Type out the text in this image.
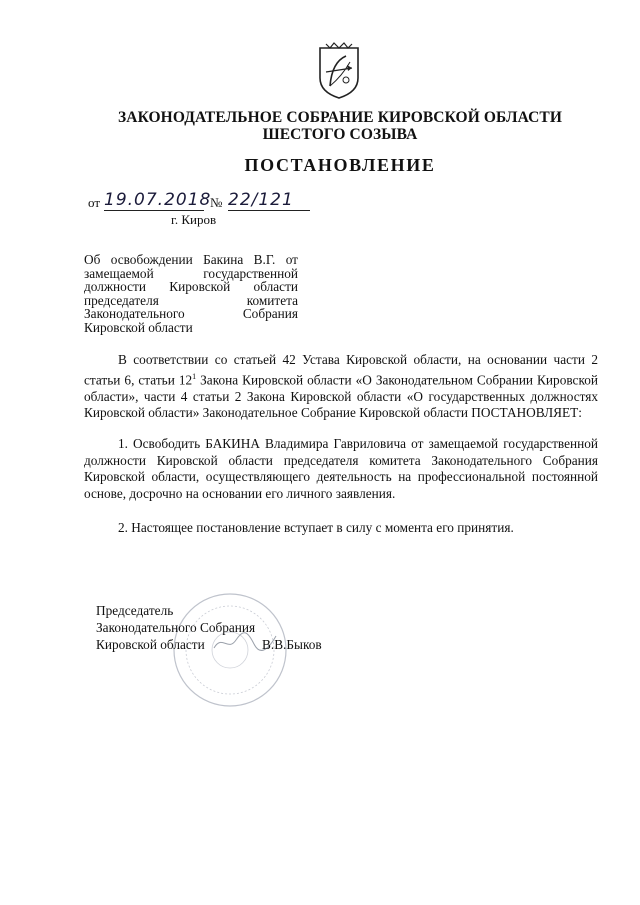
ЗАКОНОДАТЕЛЬНОЕ СОБРАНИЕ КИРОВСКОЙ ОБЛАСТИ
ШЕСТОГО СОЗЫВА
ПОСТАНОВЛЕНИЕ
от 19.07.2018
№ 22/121
г. Киров
Об освобождении Бакина В.Г. от замещаемой государственной должности Кировской области председателя комитета Законодательного Собрания Кировской области
В соответствии со статьей 42 Устава Кировской области, на основании части 2 статьи 6, статьи $12^1$ Закона Кировской области «О Законодательном Собрании Кировской области», части 4 статьи 2 Закона Кировской области «О государственных должностях Кировской области» Законодательное Собрание Кировской области ПОСТАНОВЛЯЕТ:
1. Освободить БАКИНА Владимира Гавриловича от замещаемой государственной должности Кировской области председателя комитета Законодательного Собрания Кировской области, осуществляющего деятельность на профессиональной постоянной основе, досрочно на основании его личного заявления.
2. Настоящее постановление вступает в силу с момента его принятия.
Председатель
Законодательного Собрания
Кировской области	В.В.Быков
